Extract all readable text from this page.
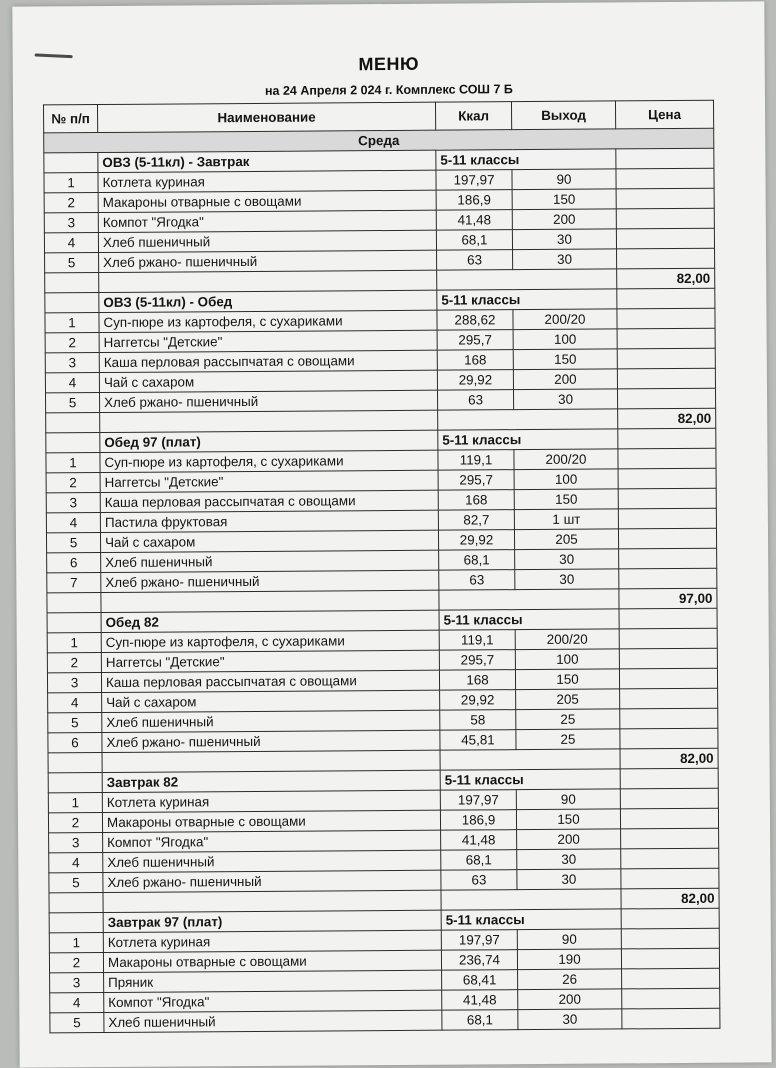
МЕНЮ
на 24 Апреля 2 024 г. Комплекс СОШ 7 Б
№ п/п	Наименование	Ккал	Выход	Цена
Среда				
	ОВЗ (5-11кл) - Завтрак	5-11 классы		
1	Котлета куриная	197,97	90	
2	Макароны отварные с овощами	186,9	150	
3	Компот "Ягодка"	41,48	200	
4	Хлеб пшеничный	68,1	30	
5	Хлеб ржано- пшеничный	63	30	
				82,00
	ОВЗ (5-11кл) - Обед	5-11 классы		
1	Суп-пюре из картофеля, с сухариками	288,62	200/20	
2	Наггетсы "Детские"	295,7	100	
3	Каша перловая рассыпчатая с овощами	168	150	
4	Чай с сахаром	29,92	200	
5	Хлеб ржано- пшеничный	63	30	
				82,00
	Обед 97 (плат)	5-11 классы		
1	Суп-пюре из картофеля, с сухариками	119,1	200/20	
2	Наггетсы "Детские"	295,7	100	
3	Каша перловая рассыпчатая с овощами	168	150	
4	Пастила фруктовая	82,7	1 шт	
5	Чай с сахаром	29,92	205	
6	Хлеб пшеничный	68,1	30	
7	Хлеб ржано- пшеничный	63	30	
				97,00
	Обед 82	5-11 классы		
1	Суп-пюре из картофеля, с сухариками	119,1	200/20	
2	Наггетсы "Детские"	295,7	100	
3	Каша перловая рассыпчатая с овощами	168	150	
4	Чай с сахаром	29,92	205	
5	Хлеб пшеничный	58	25	
6	Хлеб ржано- пшеничный	45,81	25	
				82,00
	Завтрак 82	5-11 классы		
1	Котлета куриная	197,97	90	
2	Макароны отварные с овощами	186,9	150	
3	Компот "Ягодка"	41,48	200	
4	Хлеб пшеничный	68,1	30	
5	Хлеб ржано- пшеничный	63	30	
				82,00
	Завтрак 97 (плат)	5-11 классы		
1	Котлета куриная	197,97	90	
2	Макароны отварные с овощами	236,74	190	
3	Пряник	68,41	26	
4	Компот "Ягодка"	41,48	200	
5	Хлеб пшеничный	68,1	30	
